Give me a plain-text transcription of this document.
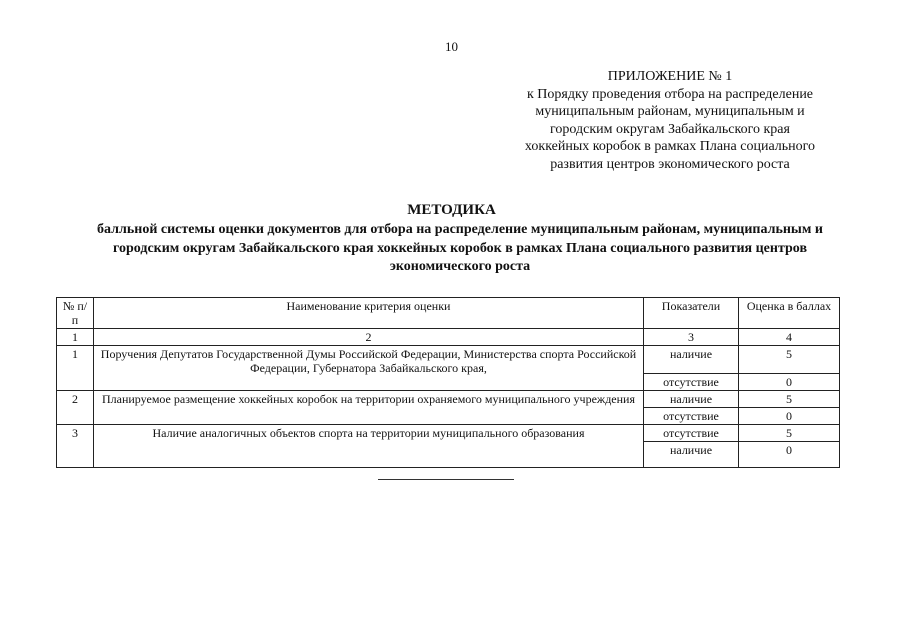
10
ПРИЛОЖЕНИЕ № 1
к Порядку проведения отбора на распределение
муниципальным районам, муниципальным и
городским округам Забайкальского края
хоккейных коробок в рамках Плана социального
развития центров экономического роста
МЕТОДИКА
балльной системы оценки документов для отбора на распределение муниципальным районам, муниципальным и
городским округам Забайкальского края хоккейных коробок в рамках Плана социального развития центров
экономического роста
№ п/п	Наименование критерия оценки	Показатели	Оценка в баллах
1	2	3	4
1	Поручения Депутатов Государственной Думы Российской Федерации, Министерства спорта Российской Федерации, Губернатора Забайкальского края,	наличие	5
		отсутствие	0
2	Планируемое размещение хоккейных коробок на территории охраняемого муниципального учреждения	наличие	5
		отсутствие	0
3	Наличие аналогичных объектов спорта на территории муниципального образования	отсутствие	5
		наличие	0
